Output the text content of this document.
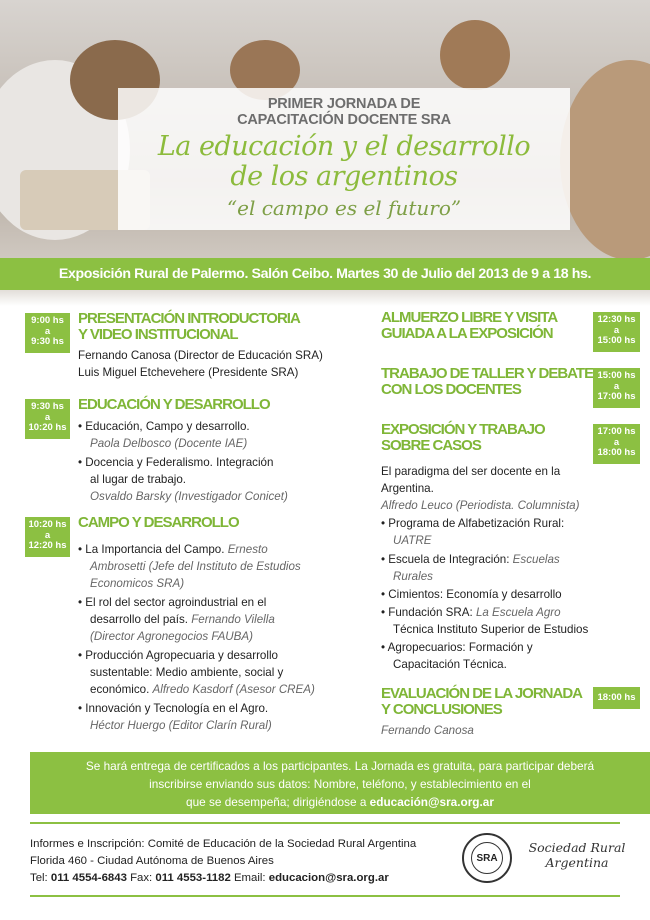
PRIMER JORNADA DE
CAPACITACIÓN DOCENTE SRA
La educación y el desarrollo
de los argentinos
“el campo es el futuro”
Exposición Rural de Palermo. Salón Ceibo. Martes 30 de Julio del 2013 de 9 a 18 hs.
9:00 hs
a
9:30 hs
PRESENTACIÓN INTRODUCTORIA
Y VIDEO INSTITUCIONAL
Fernando Canosa (Director de Educación SRA)
Luis Miguel Etchevehere (Presidente SRA)
9:30 hs
a
10:20 hs
EDUCACIÓN Y DESARROLLO
• Educación, Campo y desarrollo.
Paola Delbosco (Docente IAE)
• Docencia y Federalismo. Integración
al lugar de trabajo.
Osvaldo Barsky (Investigador Conicet)
10:20 hs
a
12:20 hs
CAMPO Y DESARROLLO
• La Importancia del Campo. Ernesto
Ambrosetti (Jefe del Instituto de Estudios
Economicos SRA)
• El rol del sector agroindustrial en el
desarrollo del país. Fernando Vilella
(Director Agronegocios FAUBA)
• Producción Agropecuaria y desarrollo
sustentable: Medio ambiente, social y
económico. Alfredo Kasdorf (Asesor CREA)
• Innovación y Tecnología en el Agro.
Héctor Huergo (Editor Clarín Rural)
ALMUERZO LIBRE Y VISITA
GUIADA A LA EXPOSICIÓN
12:30 hs
a
15:00 hs
TRABAJO DE TALLER Y DEBATE
CON LOS DOCENTES
15:00 hs
a
17:00 hs
EXPOSICIÓN Y TRABAJO
SOBRE CASOS
17:00 hs
a
18:00 hs
El paradigma del ser docente en la
Argentina.
Alfredo Leuco (Periodista. Columnista)
• Programa de Alfabetización Rural:
UATRE
• Escuela de Integración: Escuelas
Rurales
• Cimientos: Economía y desarrollo
• Fundación SRA: La Escuela Agro
Técnica Instituto Superior de Estudios
• Agropecuarios: Formación y
Capacitación Técnica.
EVALUACIÓN DE LA JORNADA
Y CONCLUSIONES
18:00 hs
Fernando Canosa
Se hará entrega de certificados a los participantes. La Jornada es gratuita, para participar deberá
inscribirse enviando sus datos: Nombre, teléfono, y establecimiento en el
que se desempeña; dirigiéndose a educación@sra.org.ar
Informes e Inscripción: Comité de Educación de la Sociedad Rural Argentina
Florida 460 - Ciudad Autónoma de Buenos Aires
Tel: 011 4554-6843 Fax: 011 4553-1182 Email: educacion@sra.org.ar
SRA
Sociedad Rural
Argentina
